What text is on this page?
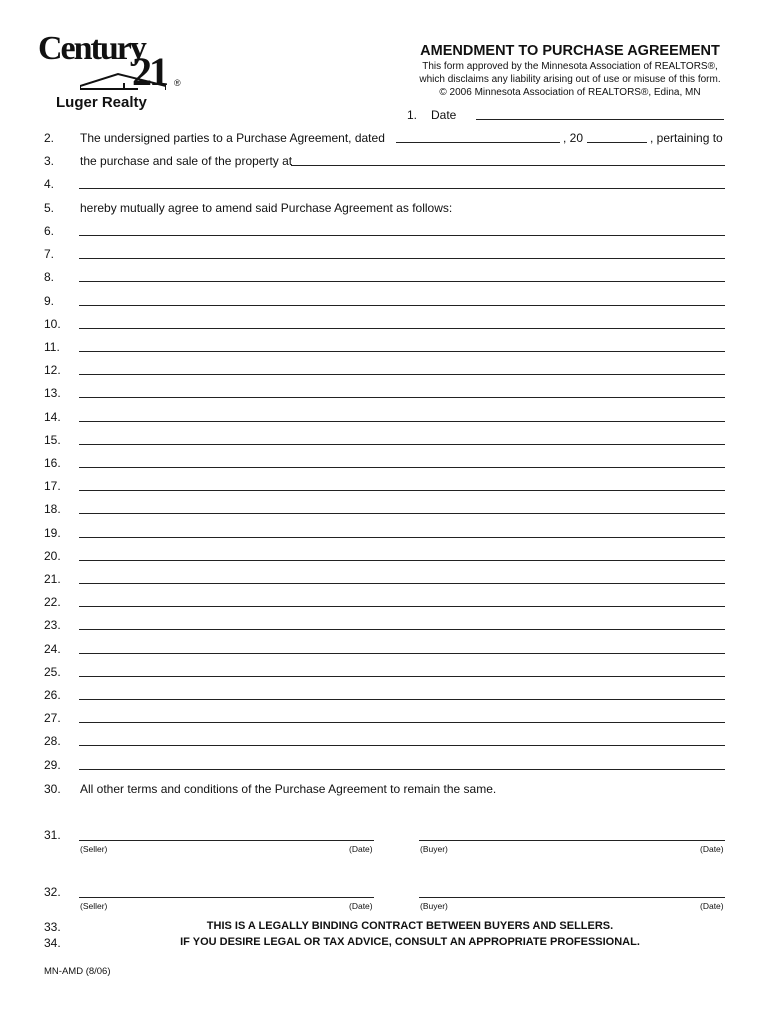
Century
21 ®
Luger Realty
AMENDMENT TO PURCHASE AGREEMENT
This form approved by the Minnesota Association of REALTORS®,
which disclaims any liability arising out of use or misuse of this form.
© 2006 Minnesota Association of REALTORS®, Edina, MN
1. Date
2.	The undersigned parties to a Purchase Agreement, dated	, 20	, pertaining to
3.	the purchase and sale of the property at
4.
5.	hereby mutually agree to amend said Purchase Agreement as follows:
6.
7.
8.
9.
10.
11.
12.
13.
14.
15.
16.
17.
18.
19.
20.
21.
22.
23.
24.
25.
26.
27.
28.
29.
30.	All other terms and conditions of the Purchase Agreement to remain the same.
31.
(Seller)	(Date)	(Buyer)	(Date)
32.
(Seller)	(Date)	(Buyer)	(Date)
33.	THIS IS A LEGALLY BINDING CONTRACT BETWEEN BUYERS AND SELLERS.
34.	IF YOU DESIRE LEGAL OR TAX ADVICE, CONSULT AN APPROPRIATE PROFESSIONAL.
MN-AMD (8/06)
